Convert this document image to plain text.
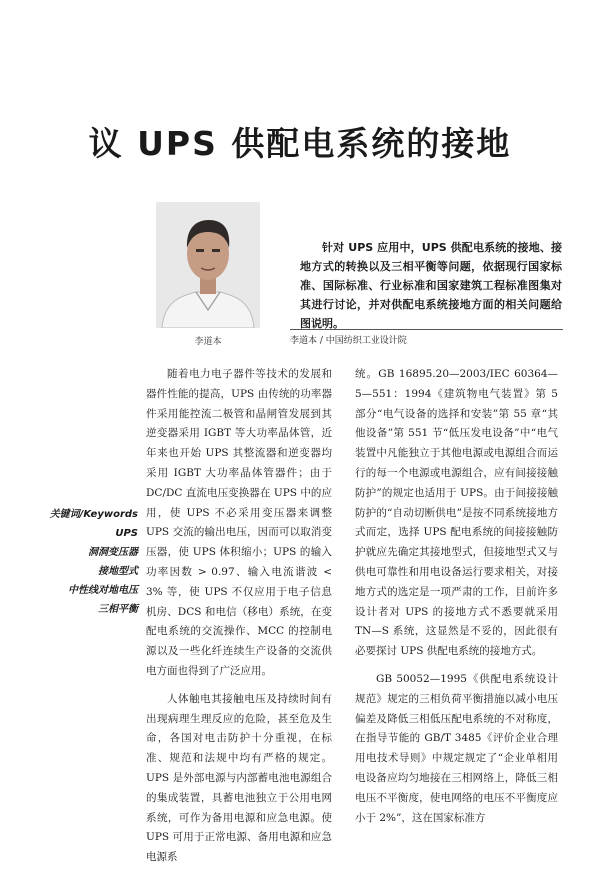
议 UPS 供配电系统的接地
李道本
针对 UPS 应用中，UPS 供配电系统的接地、接地方式的转换以及三相平衡等问题，依据现行国家标准、国际标准、行业标准和国家建筑工程标准图集对其进行讨论，并对供配电系统接地方面的相关问题给图说明。
李道本 / 中国纺织工业设计院
关键词/Keywords
UPS
洞洞变压器
接地型式
中性线对地电压
三相平衡

随着电力电子器件等技术的发展和器件性能的提高，UPS 由传统的功率器件采用能控流二极管和晶闸管发展到其逆变器采用 IGBT 等大功率晶体管，近年来也开始 UPS 其整流器和逆变器均采用 IGBT 大功率晶体管器件；由于 DC/DC 直流电压变换器在 UPS 中的应用，使 UPS 不必采用变压器来调整 UPS 交流的输出电压，因而可以取消变压器，使 UPS 体积缩小；UPS 的输入功率因数 > 0.97、输入电流谐波 < 3% 等，使 UPS 不仅应用于电子信息机房、DCS 和电信（移电）系统，在变配电系统的交流操作、MCC 的控制电源以及一些化纤连续生产设备的交流供电方面也得到了广泛应用。

人体触电其接触电压及持续时间有出现病理生理反应的危险，甚至危及生命，各国对电击防护十分重视，在标准、规范和法规中均有严格的规定。UPS 是外部电源与内部蓄电池电源组合的集成装置，具蓄电池独立于公用电网系统，可作为备用电源和应急电源。使 UPS 可用于正常电源、备用电源和应急电源系

统。GB 16895.20—2003/IEC 60364—5—551：1994《建筑物电气装置》第 5 部分“电气设备的选择和安装”第 55 章“其他设备”第 551 节“低压发电设备”中“电气装置中凡能独立于其他电源或电源组合而运行的每一个电源或电源组合，应有间接接触防护”的规定也适用于 UPS。由于间接接触防护的“自动切断供电”是按不同系统接地方式而定，选择 UPS 配电系统的间接接触防护就应先确定其接地型式，但接地型式又与供电可靠性和用电设备运行要求相关，对接地方式的选定是一项严肃的工作，目前许多设计者对 UPS 的接地方式不悉要就采用 TN—S 系统，这显然是不妥的，因此很有必要探讨 UPS 供配电系统的接地方式。

GB 50052—1995《供配电系统设计规范》规定的三相负荷平衡措施以减小电压偏差及降低三相低压配电系统的不对称度，在指导节能的 GB/T 3485《评价企业合理用电技术导则》中规定规定了“企业单相用电设备应均匀地接在三相网络上，降低三相电压不平衡度，使电网络的电压不平衡度应小于 2%”，这在国家标准方
